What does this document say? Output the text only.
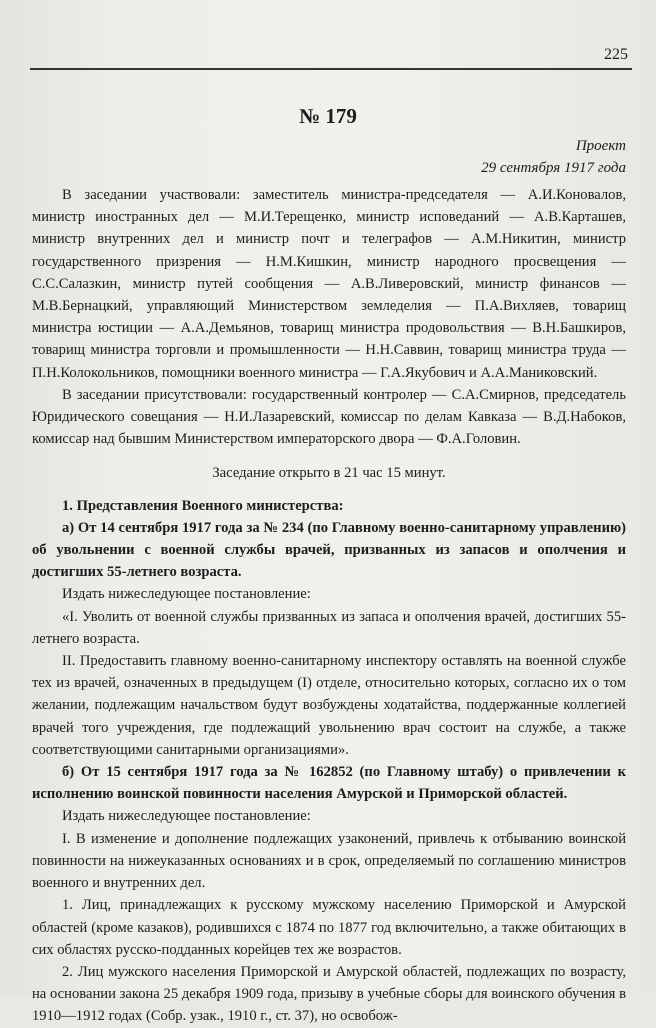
225
№ 179
Проект
29 сентября 1917 года

В заседании участвовали: заместитель министра-председателя — А.И.Коновалов, министр иностранных дел — М.И.Терещенко, министр исповеданий — А.В.Карташев, министр внутренних дел и министр почт и телеграфов — А.М.Никитин, министр государственного призрения — Н.М.Кишкин, министр народного просвещения — С.С.Салазкин, министр путей сообщения — А.В.Ливеровский, министр финансов — М.В.Бернацкий, управляющий Министерством земледелия — П.А.Вихляев, товарищ министра юстиции — А.А.Демьянов, товарищ министра продовольствия — В.Н.Башкиров, товарищ министра торговли и промышленности — Н.Н.Саввин, товарищ министра труда — П.Н.Колокольников, помощники военного министра — Г.А.Якубович и А.А.Маниковский.

В заседании присутствовали: государственный контролер — С.А.Смирнов, председатель Юридического совещания — Н.И.Лазаревский, комиссар по делам Кавказа — В.Д.Набоков, комиссар над бывшим Министерством императорского двора — Ф.А.Головин.

Заседание открыто в 21 час 15 минут.

1. Представления Военного министерства:

а) От 14 сентября 1917 года за № 234 (по Главному военно-санитарному управлению) об увольнении с военной службы врачей, призванных из запасов и ополчения и достигших 55-летнего возраста.

Издать нижеследующее постановление:

«I. Уволить от военной службы призванных из запаса и ополчения врачей, достигших 55-летнего возраста.

II. Предоставить главному военно-санитарному инспектору оставлять на военной службе тех из врачей, означенных в предыдущем (I) отделе, относительно которых, согласно их о том желании, подлежащим начальством будут возбуждены ходатайства, поддержанные коллегией врачей того учреждения, где подлежащий увольнению врач состоит на службе, а также соответствующими санитарными организациями».

б) От 15 сентября 1917 года за № 162852 (по Главному штабу) о привлечении к исполнению воинской повинности населения Амурской и Приморской областей.

Издать нижеследующее постановление:

I. В изменение и дополнение подлежащих узаконений, привлечь к отбыванию воинской повинности на нижеуказанных основаниях и в срок, определяемый по соглашению министров военного и внутренних дел.

1. Лиц, принадлежащих к русскому мужскому населению Приморской и Амурской областей (кроме казаков), родившихся с 1874 по 1877 год включительно, а также обитающих в сих областях русско-подданных корейцев тех же возрастов.

2. Лиц мужского населения Приморской и Амурской областей, подлежащих по возрасту, на основании закона 25 декабря 1909 года, призыву в учебные сборы для воинского обучения в 1910—1912 годах (Собр. узак., 1910 г., ст. 37), но освобож-
